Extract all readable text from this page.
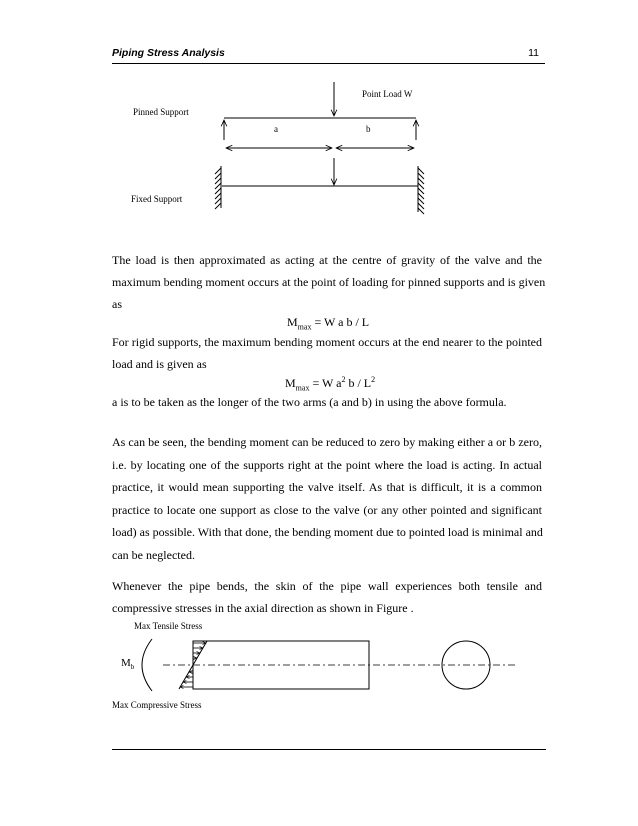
Piping Stress Analysis	11
Point Load W
Pinned Support
a	b
Fixed Support
The load is then approximated as acting at the centre of gravity of the valve and the
maximum bending moment occurs at the point of loading for pinned supports and is given
as
$M_{max} = W$ a b / L
For rigid supports, the maximum bending moment occurs at the end nearer to the pointed
load and is given as
$M_{max} = W$ $a^2$ b / $L^2$
a is to be taken as the longer of the two arms (a and b) in using the above formula.
As can be seen, the bending moment can be reduced to zero by making either a or b zero,
i.e. by locating one of the supports right at the point where the load is acting. In actual
practice, it would mean supporting the valve itself. As that is difficult, it is a common
practice to locate one support as close to the valve (or any other pointed and significant
load) as possible. With that done, the bending moment due to pointed load is minimal and
can be neglected.
Whenever the pipe bends, the skin of the pipe wall experiences both tensile and
compressive stresses in the axial direction as shown in Figure .
Max Tensile Stress
$M_b$
Max Compressive Stress
